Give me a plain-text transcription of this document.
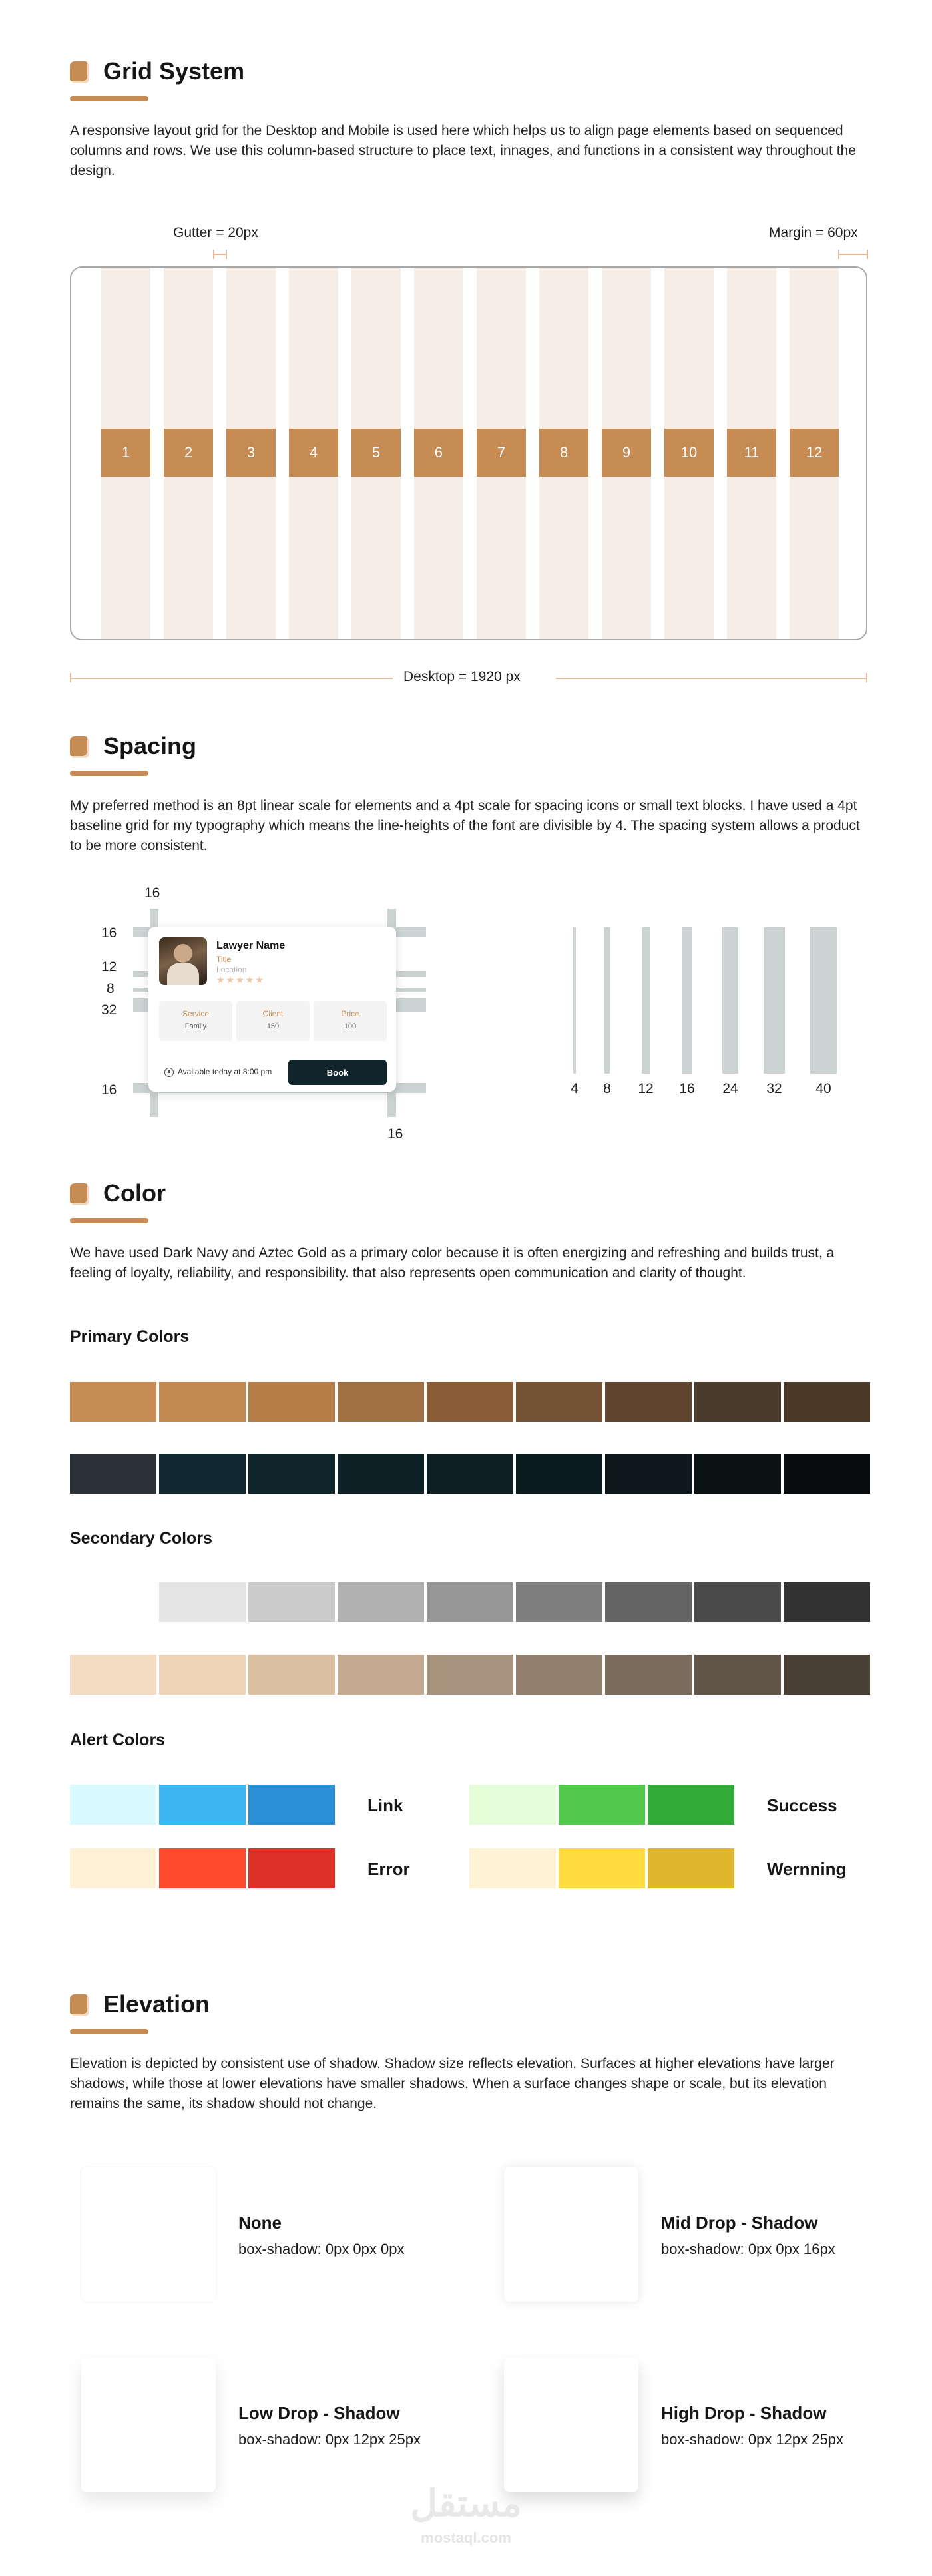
Grid System
A responsive layout grid for the Desktop and Mobile is used here which helps us to align page elements based on sequenced columns and rows. We use this column-based structure to place text, innages, and functions in a consistent way throughout the design.
Gutter = 20px	Margin = 60px
1	2	3	4	5	6	7	8	9	10	11	12
Desktop = 1920 px
Spacing
My preferred method is an 8pt linear scale for elements and a 4pt scale for spacing icons or small text blocks. I have used a 4pt baseline grid for my typography which means the line-heights of the font are divisible by 4. The spacing system allows a product to be more consistent.
16
16
12
8
32
16
16
Lawyer Name
Title
Location
★★★★★
Service
Family
Client
150
Price
100
Available today at 8:00 pm	Book
4	8	12	16	24	32	40
Color
We have used Dark Navy and Aztec Gold as a primary color because it is often energizing and refreshing and builds trust, a feeling of loyalty, reliability, and responsibility. that also represents open communication and clarity of thought.
Primary Colors
Secondary Colors
Alert Colors
Link	Success
Error	Wernning
Elevation
Elevation is depicted by consistent use of shadow. Shadow size reflects elevation. Surfaces at higher elevations have larger shadows, while those at lower elevations have smaller shadows. When a surface changes shape or scale, but its elevation remains the same, its shadow should not change.
None
box-shadow: 0px 0px 0px
Mid Drop - Shadow
box-shadow: 0px 0px 16px
Low Drop - Shadow
box-shadow: 0px 12px 25px
High Drop - Shadow
box-shadow: 0px 12px 25px
مستقل
mostaql.com
